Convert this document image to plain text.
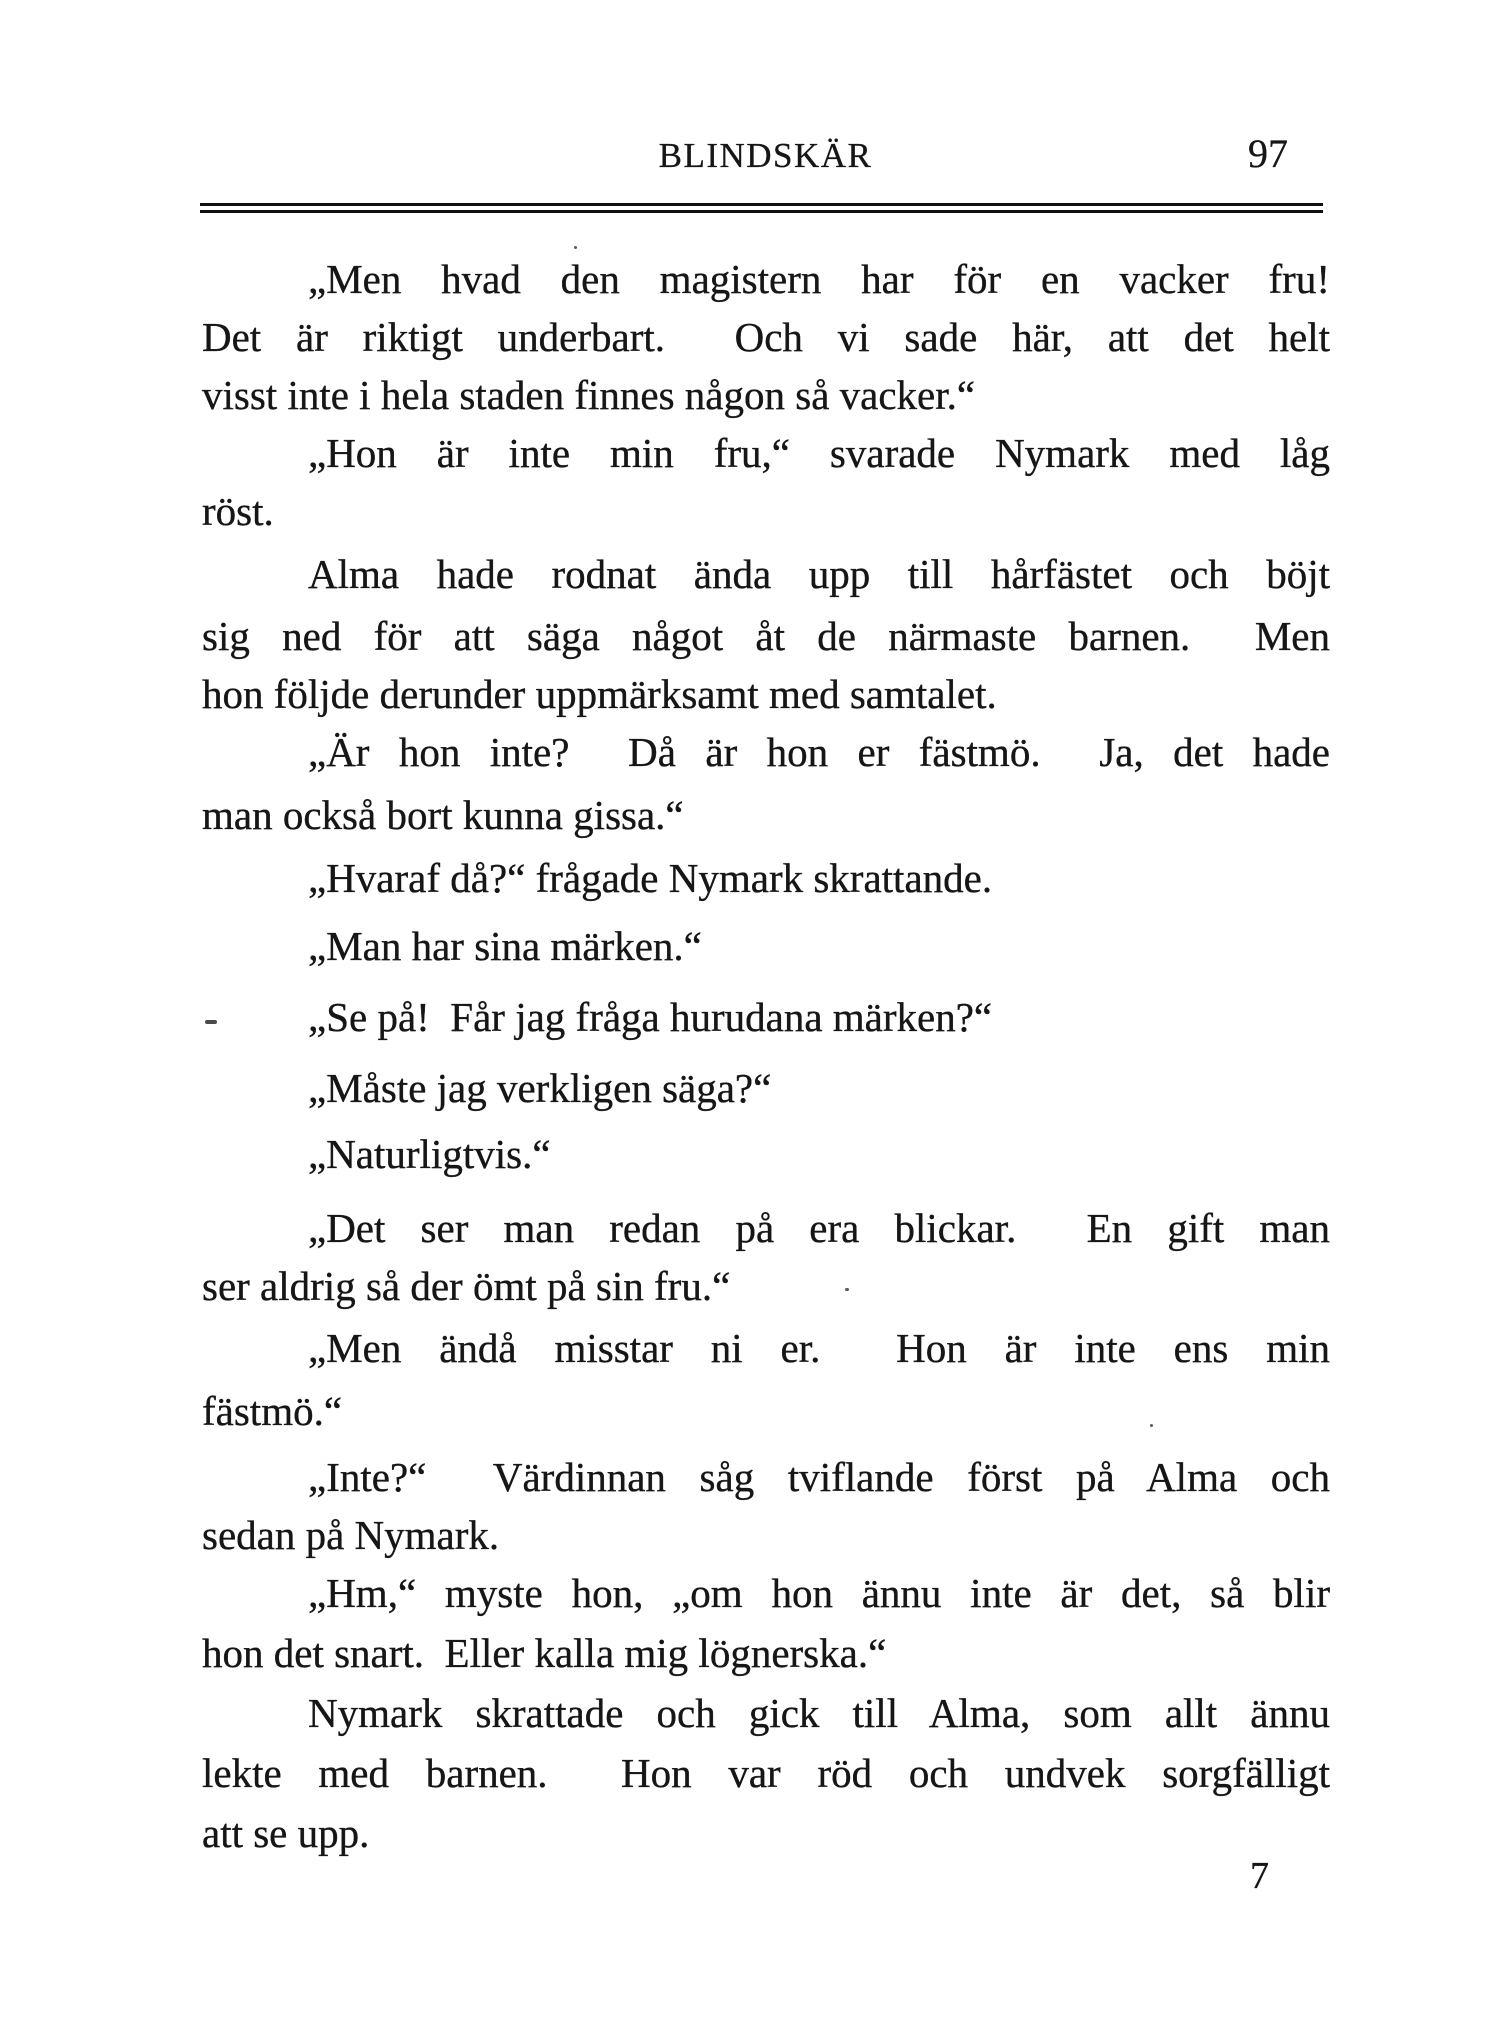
BLINDSKÄR	97
„Men hvad den magistern har för en vacker fru!
Det är riktigt underbart.  Och vi sade här, att det helt
visst inte i hela staden finnes någon så vacker.“
„Hon är inte min fru,“ svarade Nymark med låg
röst.
Alma hade rodnat ända upp till hårfästet och böjt
sig ned för att säga något åt de närmaste barnen.  Men
hon följde derunder uppmärksamt med samtalet.
„Är hon inte?  Då är hon er fästmö.  Ja, det hade
man också bort kunna gissa.“
„Hvaraf då?“ frågade Nymark skrattande.
„Man har sina märken.“
„Se på!  Får jag fråga hurudana märken?“
„Måste jag verkligen säga?“
„Naturligtvis.“
„Det ser man redan på era blickar.  En gift man
ser aldrig så der ömt på sin fru.“
„Men ändå misstar ni er.  Hon är inte ens min
fästmö.“
„Inte?“  Värdinnan såg tviflande först på Alma och
sedan på Nymark.
„Hm,“ myste hon, „om hon ännu inte är det, så blir
hon det snart.  Eller kalla mig lögnerska.“
Nymark skrattade och gick till Alma, som allt ännu
lekte med barnen.  Hon var röd och undvek sorgfälligt
att se upp.
7
